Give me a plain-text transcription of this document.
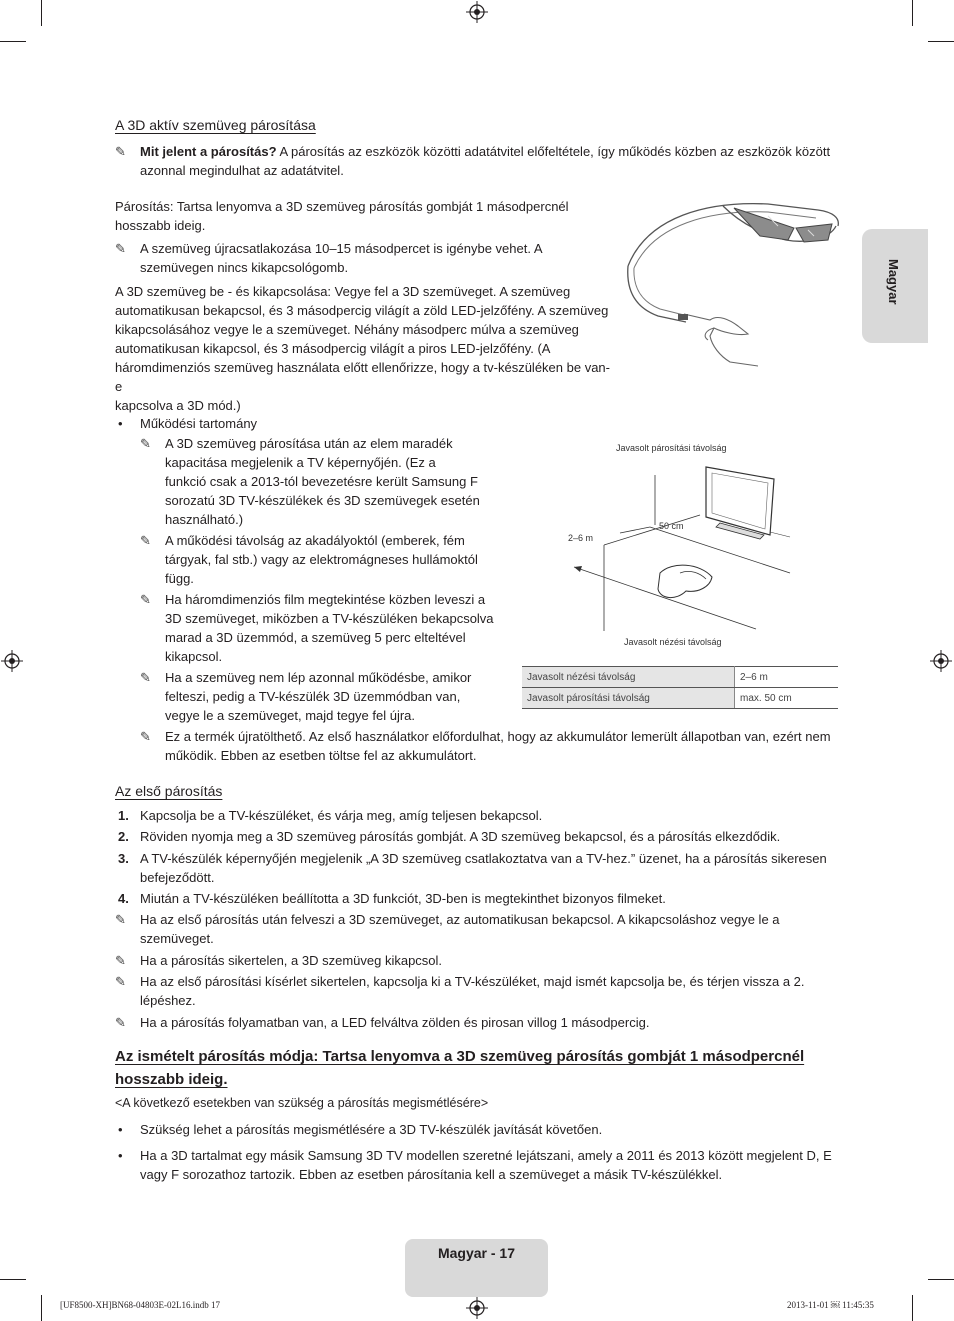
Magyar
A 3D aktív szemüveg párosítása
✎ Mit jelent a párosítás? A párosítás az eszközök közötti adatátvitel előfeltétele, így működés közben az eszközök között
azonnal megindulhat az adatátvitel.
Párosítás: Tartsa lenyomva a 3D szemüveg párosítás gombját 1 másodpercnél
hosszabb ideig.
✎ A szemüveg újracsatlakozása 10–15 másodpercet is igénybe vehet. A
szemüvegen nincs kikapcsológomb.
A 3D szemüveg be - és kikapcsolása: Vegye fel a 3D szemüveget. A szemüveg
automatikusan bekapcsol, és 3 másodpercig világít a zöld LED-jelzőfény. A szemüveg
kikapcsolásához vegye le a szemüveget. Néhány másodperc múlva a szemüveg
automatikusan kikapcsol, és 3 másodpercig világít a piros LED-jelzőfény. (A
háromdimenziós szemüveg használata előtt ellenőrizze, hogy a tv-készüléken be van-e
kapcsolva a 3D mód.)
• Működési tartomány
✎ A 3D szemüveg párosítása után az elem maradék
kapacitása megjelenik a TV képernyőjén. (Ez a
funkció csak a 2013-tól bevezetésre került Samsung F
sorozatú 3D TV-készülékek és 3D szemüvegek esetén
használható.)
✎ A működési távolság az akadályoktól (emberek, fém
tárgyak, fal stb.) vagy az elektromágneses hullámoktól
függ.
✎ Ha háromdimenziós film megtekintése közben leveszi a
3D szemüveget, miközben a TV-készüléken bekapcsolva
marad a 3D üzemmód, a szemüveg 5 perc elteltével
kikapcsol.
✎ Ha a szemüveg nem lép azonnal működésbe, amikor
felteszi, pedig a TV-készülék 3D üzemmódban van,
vegye le a szemüveget, majd tegye fel újra.
✎ Ez a termék újratölthető. Az első használatkor előfordulhat, hogy az akkumulátor lemerült állapotban van, ezért nem
működik. Ebben az esetben töltse fel az akkumulátort.
Javasolt párosítási távolság
50 cm
2–6 m
Javasolt nézési távolság
Javasolt nézési távolság	2–6 m
Javasolt párosítási távolság	max. 50 cm
Az első párosítás
1. Kapcsolja be a TV-készüléket, és várja meg, amíg teljesen bekapcsol.
2. Röviden nyomja meg a 3D szemüveg párosítás gombját. A 3D szemüveg bekapcsol, és a párosítás elkezdődik.
3. A TV-készülék képernyőjén megjelenik „A 3D szemüveg csatlakoztatva van a TV-hez.” üzenet, ha a párosítás sikeresen
befejeződött.
4. Miután a TV-készüléken beállította a 3D funkciót, 3D-ben is megtekinthet bizonyos filmeket.
✎ Ha az első párosítás után felveszi a 3D szemüveget, az automatikusan bekapcsol. A kikapcsoláshoz vegye le a
szemüveget.
✎ Ha a párosítás sikertelen, a 3D szemüveg kikapcsol.
✎ Ha az első párosítási kísérlet sikertelen, kapcsolja ki a TV-készüléket, majd ismét kapcsolja be, és térjen vissza a 2.
lépéshez.
✎ Ha a párosítás folyamatban van, a LED felváltva zölden és pirosan villog 1 másodpercig.
Az ismételt párosítás módja: Tartsa lenyomva a 3D szemüveg párosítás gombját 1 másodpercnél
hosszabb ideig.
<A következő esetekben van szükség a párosítás megismétlésére>
• Szükség lehet a párosítás megismétlésére a 3D TV-készülék javítását követően.
• Ha a 3D tartalmat egy másik Samsung 3D TV modellen szeretné lejátszani, amely a 2011 és 2013 között megjelent D, E
vagy F sorozathoz tartozik. Ebben az esetben párosítania kell a szemüveget a másik TV-készülékkel.
Magyar - 17
[UF8500-XH]BN68-04803E-02L16.indb 17	2013-11-01 ￼ 11:45:35
